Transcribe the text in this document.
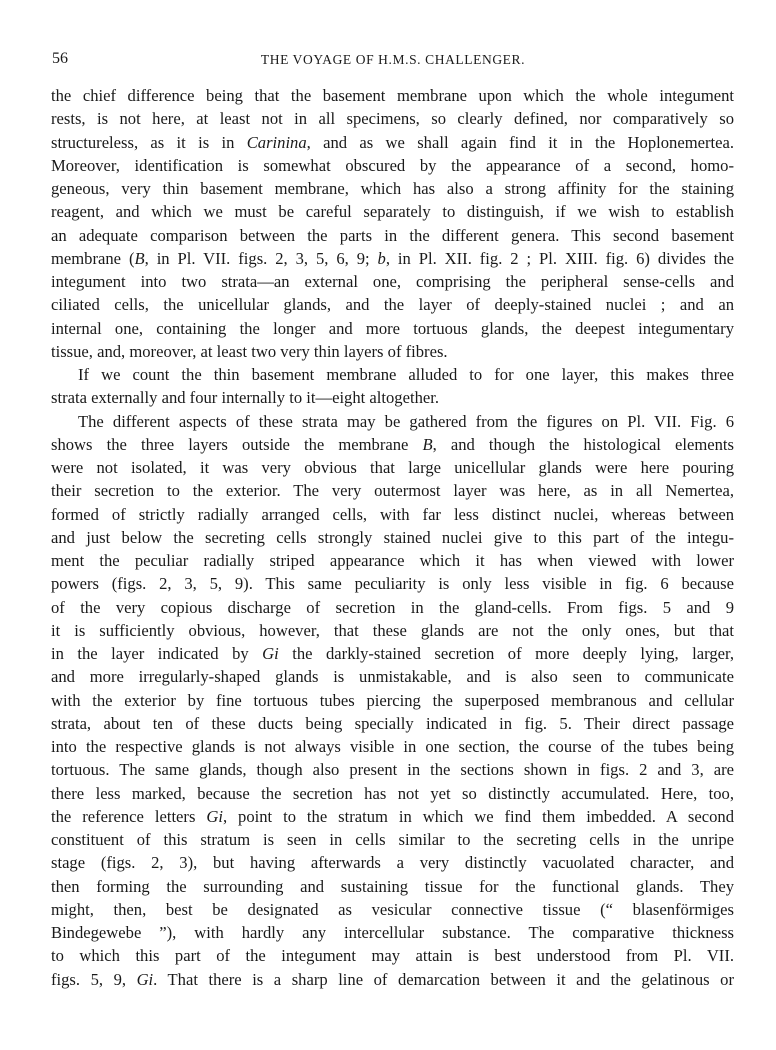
56	THE VOYAGE OF H.M.S. CHALLENGER.
the chief difference being that the basement membrane upon which the whole integument
rests, is not here, at least not in all specimens, so clearly defined, nor comparatively so
structureless, as it is in Carinina, and as we shall again find it in the Hoplonemertea.
Moreover, identification is somewhat obscured by the appearance of a second, homo-
geneous, very thin basement membrane, which has also a strong affinity for the staining
reagent, and which we must be careful separately to distinguish, if we wish to establish
an adequate comparison between the parts in the different genera. This second basement
membrane (B, in Pl. VII. figs. 2, 3, 5, 6, 9; b, in Pl. XII. fig. 2 ; Pl. XIII. fig. 6) divides the
integument into two strata—an external one, comprising the peripheral sense-cells and
ciliated cells, the unicellular glands, and the layer of deeply-stained nuclei ; and an
internal one, containing the longer and more tortuous glands, the deepest integumentary
tissue, and, moreover, at least two very thin layers of fibres.
If we count the thin basement membrane alluded to for one layer, this makes three
strata externally and four internally to it—eight altogether.
The different aspects of these strata may be gathered from the figures on Pl. VII. Fig. 6
shows the three layers outside the membrane B, and though the histological elements
were not isolated, it was very obvious that large unicellular glands were here pouring
their secretion to the exterior. The very outermost layer was here, as in all Nemertea,
formed of strictly radially arranged cells, with far less distinct nuclei, whereas between
and just below the secreting cells strongly stained nuclei give to this part of the integu-
ment the peculiar radially striped appearance which it has when viewed with lower
powers (figs. 2, 3, 5, 9). This same peculiarity is only less visible in fig. 6 because
of the very copious discharge of secretion in the gland-cells. From figs. 5 and 9
it is sufficiently obvious, however, that these glands are not the only ones, but that
in the layer indicated by Gi the darkly-stained secretion of more deeply lying, larger,
and more irregularly-shaped glands is unmistakable, and is also seen to communicate
with the exterior by fine tortuous tubes piercing the superposed membranous and cellular
strata, about ten of these ducts being specially indicated in fig. 5. Their direct passage
into the respective glands is not always visible in one section, the course of the tubes being
tortuous. The same glands, though also present in the sections shown in figs. 2 and 3, are
there less marked, because the secretion has not yet so distinctly accumulated. Here, too,
the reference letters Gi, point to the stratum in which we find them imbedded. A second
constituent of this stratum is seen in cells similar to the secreting cells in the unripe
stage (figs. 2, 3), but having afterwards a very distinctly vacuolated character, and
then forming the surrounding and sustaining tissue for the functional glands. They
might, then, best be designated as vesicular connective tissue (“ blasenförmiges
Bindegewebe ”), with hardly any intercellular substance. The comparative thickness
to which this part of the integument may attain is best understood from Pl. VII.
figs. 5, 9, Gi. That there is a sharp line of demarcation between it and the gelatinous or
